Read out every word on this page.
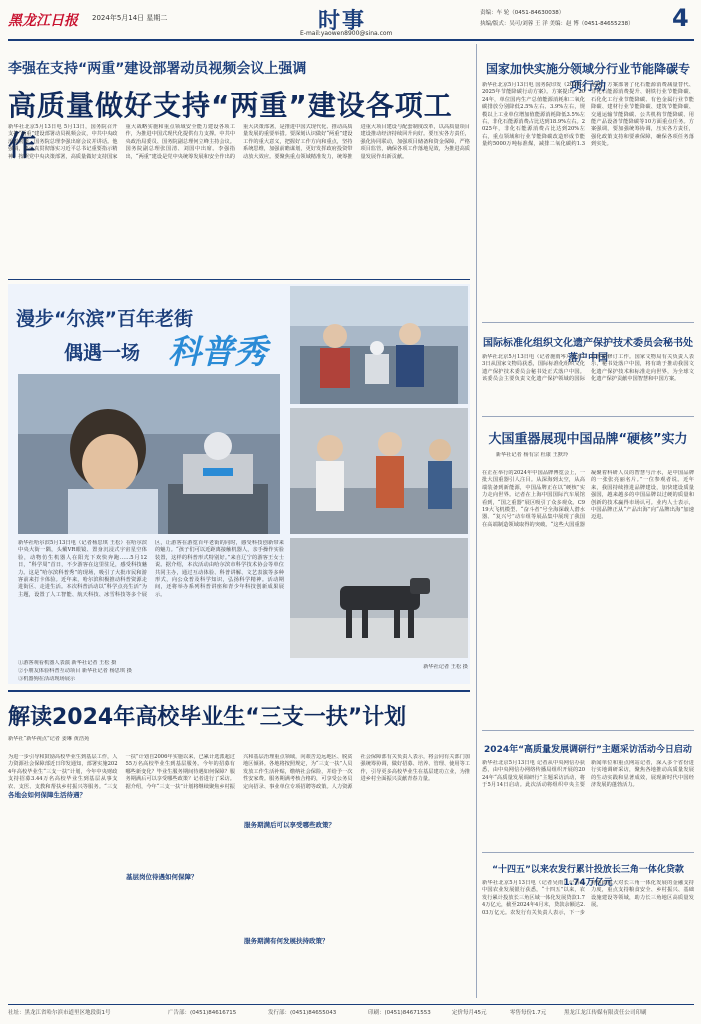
黑龙江日报 2024年5月14日 星期二	时事
E-mail:yaowen8900@sina.com
责编：车 轮（0451-84630038）
执编/版式：吴可/刘蓉 王 洋 美编：赵 博（0451-84655238） 4
李强在支持“两重”建设部署动员视频会议上强调
高质量做好支持“两重”建设各项工作
新华社北京5月13日电 5月13日，国务院召开支持“两重”建设部署动员视频会议，中共中央政治局常委、国务院总理李强出席会议并讲话。他强调，要认真贯彻落实习近平总书记重要指示精神，按照党中央决策部署，高质量做好支持国家重大战略实施和重点领域安全能力建设各项工作，为推进中国式现代化提供有力支撑。中共中央政治局委员、国务院副总理何立峰主持会议。国务院副总理张国清、刘国中出席。李强指出，“两重”建设是党中央统筹发展和安全作出的重大决策部署，是推进中国式现代化、推动高质量发展的重要举措。要深刻认识做好“两重”建设工作的重大意义，把握好工作方向和重点，坚持系统思维，加强前瞻谋划，更好发挥政府投资带动放大效应。要聚焦重点领域精准发力，统筹推进重大项目建设与配套制度改革，以高质量项目建设推动经济持续回升向好。要压实各方责任，强化协同联动，加强项目储备和资金保障，严格项目监管，确保各项工作落地见效，为推进高质量发展作出新贡献。
漫步“尔滨”百年老街
偶遇一场 科普秀
新华社哈尔滨5月13日电（记者杨思琪 王松）在哈尔滨中央大街一隅，头戴VR眼镜、置身沉浸式宇宙星空体验，动物仿生机器人在阳光下欢快奔跑……5月12日，“科学周”首日，不少游客在这里驻足，感受科技魅力。这是“哈尔滨科普秀”的现场，吸引了大批市民和游客前来打卡体验。近年来，哈尔滨积极推动科普资源走进街区、走进生活。本次科普活动以“科学点亮生活”为主题，设置了人工智能、航天科技、冰雪科技等多个展区，让游客在游览百年老街的同时，感受科技创新带来的魅力。“孩子们可以近距离接触机器人，亲手操作实验装置，这样的科普形式特别好。”来自辽宁的游客王女士说。据介绍，本次活动由哈尔滨市科学技术协会等单位共同主办，通过互动体验、科普讲解、文艺表演等多种形式，向公众普及科学知识，弘扬科学精神。活动期间，还将举办系列科普讲座和青少年科技创新成果展示。
①游客观看机器人表演 新华社记者 王松 摄
②小朋友体验科普互动项目 新华社记者 杨思琪 摄
③机器狗在活动现场展示
新华社记者 王松 摄
解读2024年高校毕业生“三支一扶”计划
新华社“新华视点”记者 姜琳 黄浩苑
各地会如何保障生活待遇？
基层岗位待遇如何保障？
服务期满后可以享受哪些政策？
服务期满有何发展扶持政策？
为进一步引导和鼓励高校毕业生到基层工作，人力资源社会保障部近日印发通知，部署实施2024年高校毕业生“三支一扶”计划，今年中央财政支持招募3.44万名高校毕业生到基层从事支农、支医、支教和帮扶乡村振兴等服务。“三支一扶”计划自2006年实施以来，已累计选派超过55万名高校毕业生到基层服务。今年的招募有哪些新变化？毕业生服务期间待遇如何保障？服务期满后可以享受哪些政策？记者进行了采访。据介绍，今年“三支一扶”计划将继续聚焦乡村振兴和基层治理重点领域，向艰苦边远地区、脱贫地区倾斜。各地将按照规定，为“三支一扶”人员发放工作生活补贴，缴纳社会保险，并给予一次性安家费。服务期满考核合格的，可享受公务员定向招录、事业单位专项招聘等政策。人力资源社会保障部有关负责人表示，将会同有关部门加强统筹协调，做好招募、培养、管理、使用等工作，引导更多高校毕业生在基层建功立业，为推进乡村全面振兴贡献青春力量。
国家加快实施分领域分行业节能降碳专项行动
新华社北京5月13日电 国务院印发《2024—2025年节能降碳行动方案》。方案提出，2024年，单位国内生产总值能源消耗和二氧化碳排放分别降低2.5%左右、3.9%左右，规模以上工业单位增加值能源消耗降低3.5%左右，非化石能源消费占比达到18.9%左右。2025年，非化石能源消费占比达到20%左右，重点领域和行业节能降碳改造形成节能量约5000万吨标准煤，减排二氧化碳约1.3亿吨。方案部署了化石能源消费减量替代、非化石能源消费提升、钢铁行业节能降碳、石化化工行业节能降碳、有色金属行业节能降碳、建材行业节能降碳、建筑节能降碳、交通运输节能降碳、公共机构节能降碳、用能产品设备节能降碳等10方面重点任务。方案强调，要加强统筹协调，压实各方责任，强化政策支持和要素保障，确保各项任务落到实处。
国际标准化组织文化遗产保护技术委员会秘书处落户中国
新华社北京5月13日电（记者施雨岑）记者13日从国家文物局获悉，国际标准化组织文化遗产保护技术委员会秘书处正式落户中国。该委员会主要负责文化遗产保护领域的国际标准制修订工作。国家文物局有关负责人表示，秘书处落户中国，将有助于推动我国文化遗产保护技术和标准走向世界，为全球文化遗产保护贡献中国智慧和中国方案。
大国重器展现中国品牌“硬核”实力
新华社记者 杨有宗 杜康 王默玲
在正在举行的2024年中国品牌博览会上，一批大国重器引人注目。从深海到太空，从高端装备到新能源，中国品牌正在以“硬核”实力走向世界。记者在上海中国国际汽车展馆看到，“国之重器”展区吸引了众多观众。C919大飞机模型、“奋斗者”号全海深载人潜水器、“复兴号”动车组等展品集中展现了我国在高端制造领域取得的突破。“这些大国重器凝聚着科研人员的智慧与汗水，是中国品牌的一张张亮丽名片。”一位参观者说。近年来，我国持续推进品牌建设，加快建设质量强国，越来越多的中国品牌以过硬的质量和创新的技术赢得市场认可。业内人士表示，中国品牌正从“产品出海”向“品牌出海”加速迈进。
2024年“高质量发展调研行”主题采访活动今日启动
新华社北京5月13日电 记者从中央网信办获悉，由中央网信办网络传播局组织开展的2024年“高质量发展调研行”主题采访活动，将于5月14日启动。此次活动将组织中央主要新闻单位和重点网站记者，深入多个省份进行实地调研采访，聚焦各地推动高质量发展的生动实践和显著成效，展现新时代中国经济发展的蓬勃活力。
“十四五”以来农发行累计投放长三角一体化贷款1.74万亿元
新华社北京5月13日电（记者吴雨）记者从中国农业发展银行获悉，“十四五”以来，农发行累计投放长三角区域一体化发展贷款1.74万亿元，截至2024年4月末，贷款余额达2.03万亿元。农发行有关负责人表示，下一步将继续加大对长三角一体化发展的金融支持力度，重点支持粮食安全、乡村振兴、基础设施建设等领域，助力长三角地区高质量发展。
社址：黑龙江省哈尔滨市道里区地段街1号	广告部：(0451)84616715	发行部：(0451)84655043	印刷：(0451)84671553	定价每月45元	零售每份1.7元	黑龙江龙江传媒有限责任公司印刷
